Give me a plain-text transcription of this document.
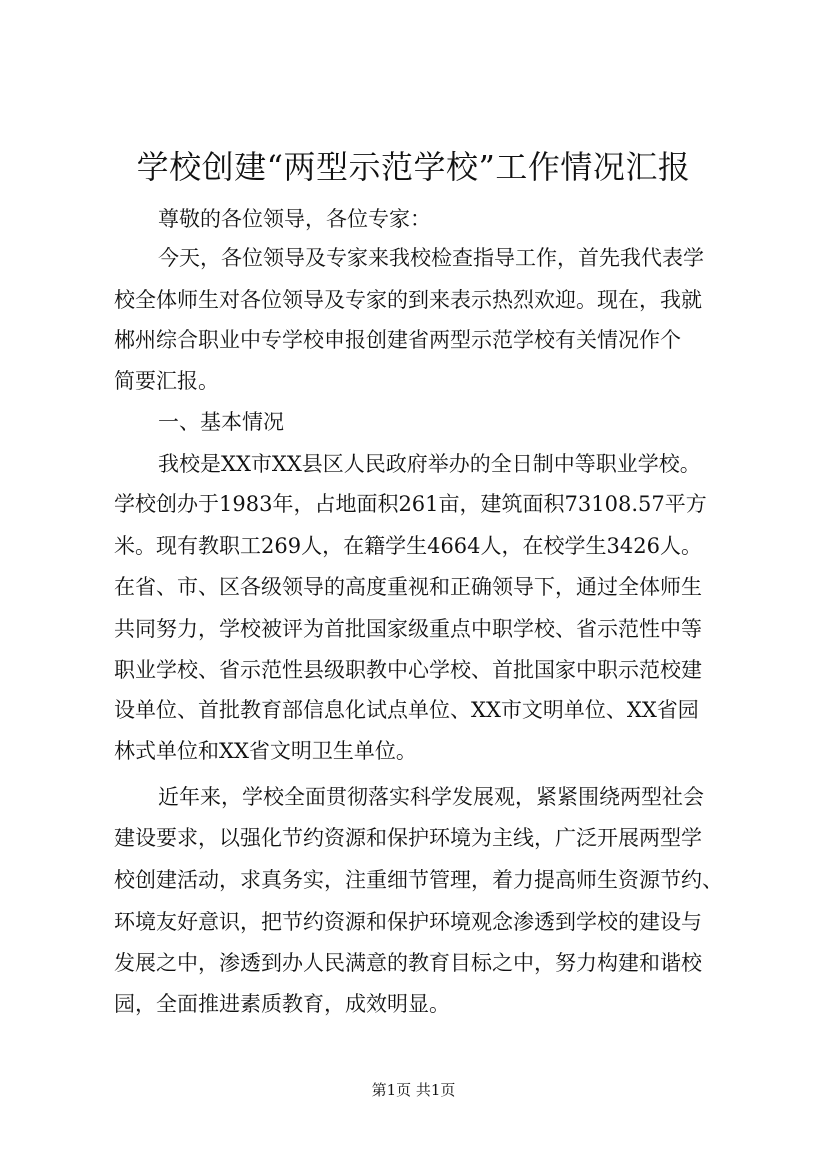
学校创建“两型示范学校”工作情况汇报
尊敬的各位领导，各位专家：
今天，各位领导及专家来我校检查指导工作，首先我代表学
校全体师生对各位领导及专家的到来表示热烈欢迎。现在，我就
郴州综合职业中专学校申报创建省两型示范学校有关情况作个
简要汇报。
一、基本情况
我校是XX市XX县区人民政府举办的全日制中等职业学校。
学校创办于1983年，占地面积261亩，建筑面积73108.57平方
米。现有教职工269人，在籍学生4664人，在校学生3426人。
在省、市、区各级领导的高度重视和正确领导下，通过全体师生
共同努力，学校被评为首批国家级重点中职学校、省示范性中等
职业学校、省示范性县级职教中心学校、首批国家中职示范校建
设单位、首批教育部信息化试点单位、XX市文明单位、XX省园
林式单位和XX省文明卫生单位。
近年来，学校全面贯彻落实科学发展观，紧紧围绕两型社会
建设要求，以强化节约资源和保护环境为主线，广泛开展两型学
校创建活动，求真务实，注重细节管理，着力提高师生资源节约、
环境友好意识，把节约资源和保护环境观念渗透到学校的建设与
发展之中，渗透到办人民满意的教育目标之中，努力构建和谐校
园，全面推进素质教育，成效明显。
第1页 共1页
